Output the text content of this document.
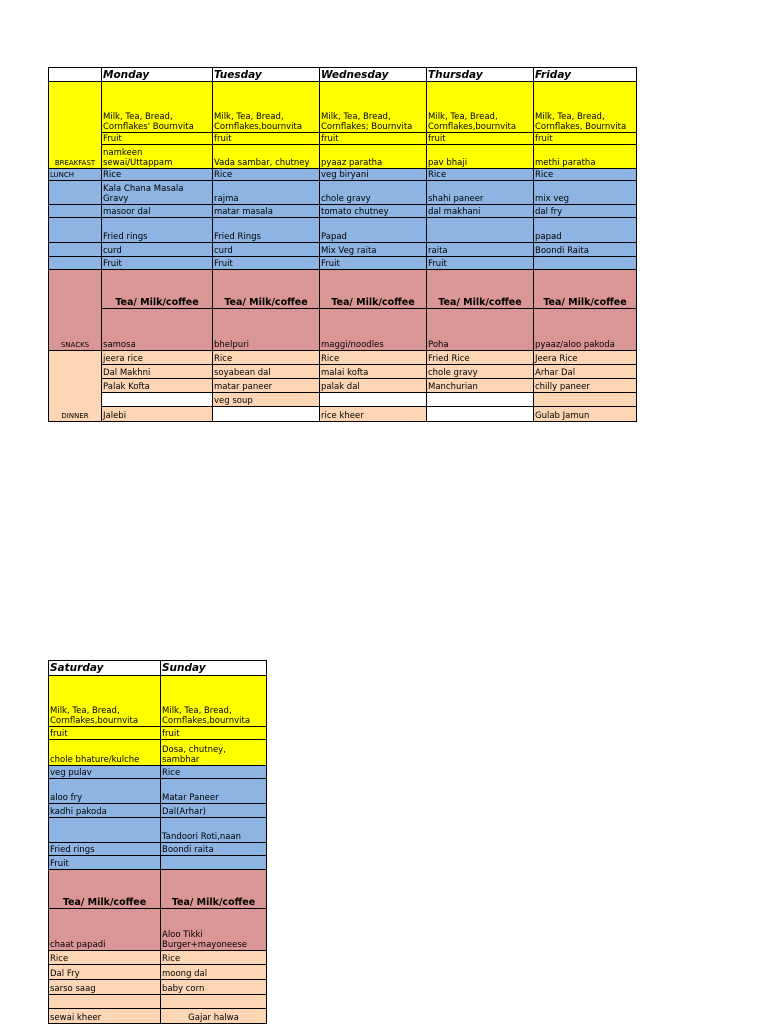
	Monday	Tuesday	Wednesday	Thursday	Friday
BREAKFAST	Milk, Tea, Bread, Cornflakes' Bournvita	Milk, Tea, Bread, Cornflakes,bournvita	Milk, Tea, Bread, Cornflakes; Bournvita	Milk, Tea, Bread, Cornflakes,bournvita	Milk, Tea, Bread, Cornflakes, Bournvita
	Fruit	fruit	fruit	fruit	fruit
	namkeen sewai/Uttappam	Vada sambar, chutney	pyaaz paratha	pav bhaji	methi paratha
LUNCH	Rice	Rice	veg biryani	Rice	Rice
	Kala Chana Masala Gravy	rajma	chole gravy	shahi paneer	mix veg
	masoor dal	matar masala	tomato chutney	dal makhani	dal fry
	Fried rings	Fried Rings	Papad		papad
	curd	curd	Mix Veg raita	raita	Boondi Raita
	Fruit	Fruit	Fruit	Fruit	
SNACKS	Tea/ Milk/coffee	Tea/ Milk/coffee	Tea/ Milk/coffee	Tea/ Milk/coffee	Tea/ Milk/coffee
	samosa	bhelpuri	maggi/noodles	Poha	pyaaz/aloo pakoda
DINNER	jeera rice	Rice	Rice	Fried Rice	Jeera Rice
	Dal Makhni	soyabean dal	malai kofta	chole gravy	Arhar Dal
	Palak Kofta	matar paneer	palak dal	Manchurian	chilly paneer
		veg soup			
	Jalebi		rice kheer		Gulab Jamun
Saturday	Sunday
Milk, Tea, Bread, Cornflakes,bournvita	Milk, Tea, Bread, Cornflakes,bournvita
fruit	fruit
chole bhature/kulche	Dosa, chutney, sambhar
veg pulav	Rice
aloo fry	Matar Paneer
kadhi pakoda	Dal(Arhar)
	Tandoori Roti,naan
Fried rings	Boondi raita
Fruit	
Tea/ Milk/coffee	Tea/ Milk/coffee
chaat papadi	Aloo Tikki Burger+mayoneese
Rice	Rice
Dal Fry	moong dal
sarso saag	baby corn

sewai kheer	Gajar halwa
